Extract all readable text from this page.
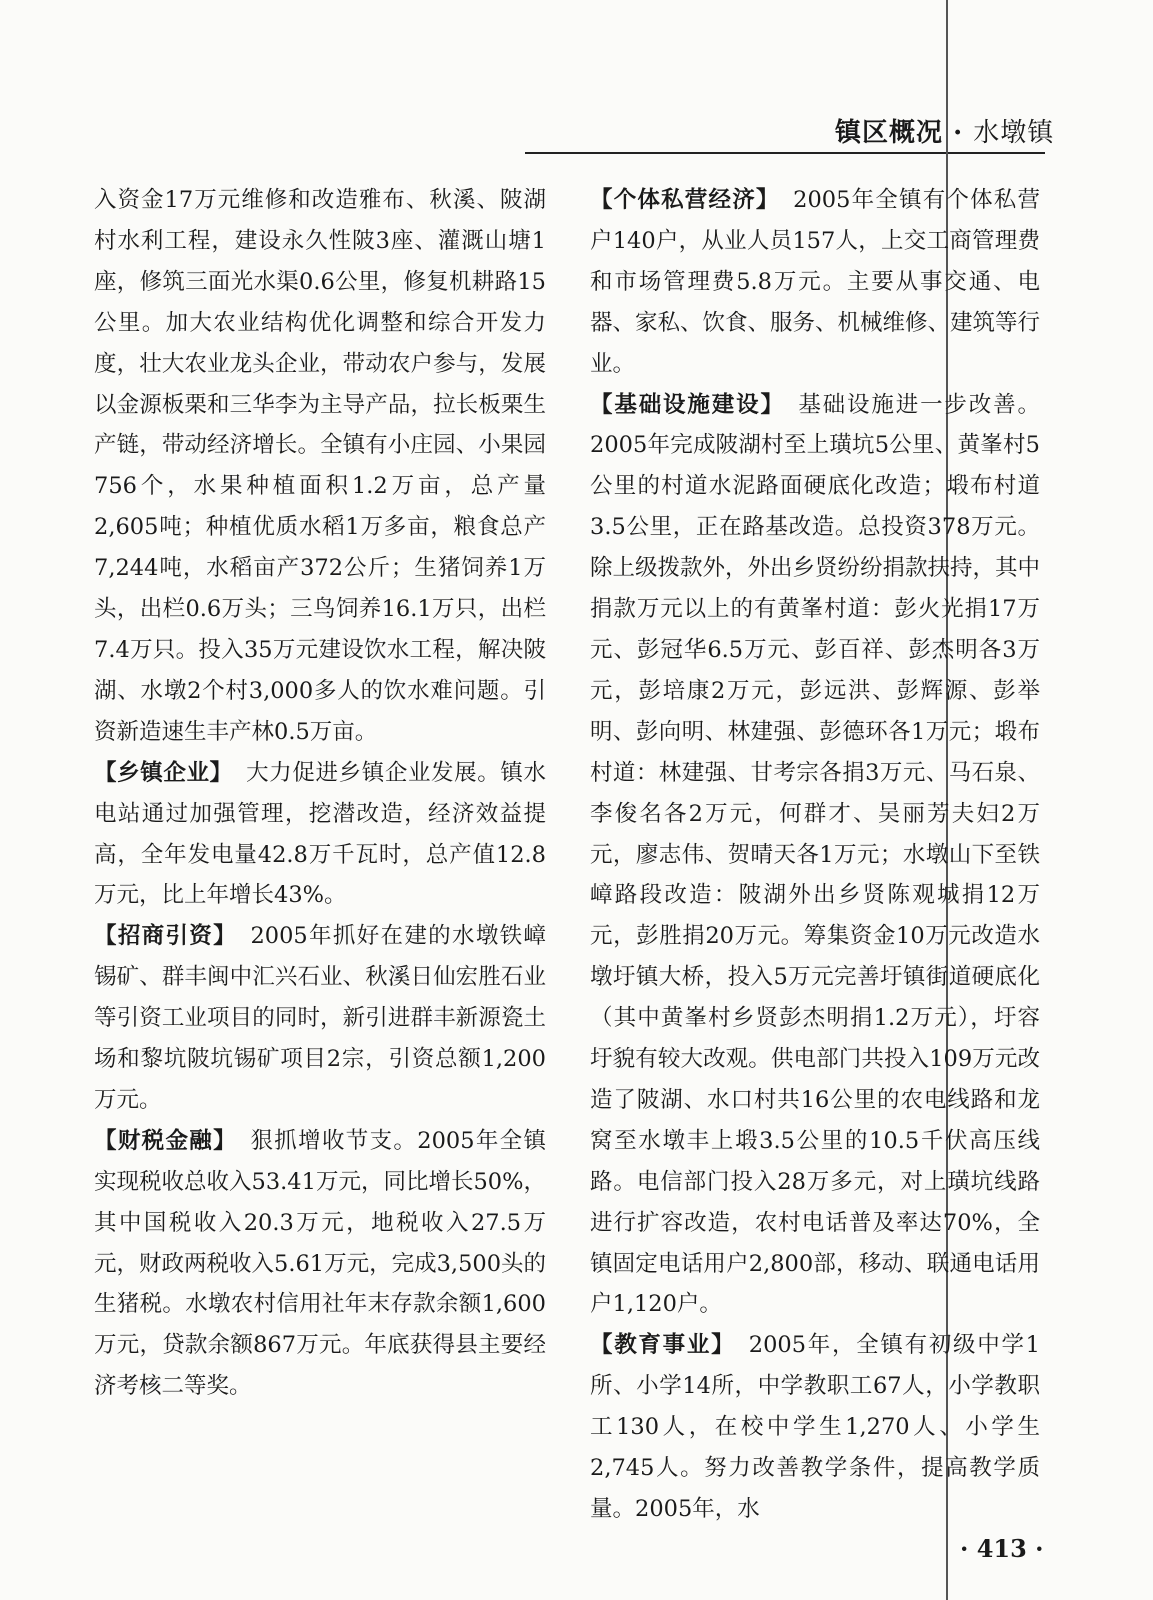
镇区概况 · 水墩镇

入资金17万元维修和改造雅布、秋溪、陂湖村水利工程，建设永久性陂3座、灌溉山塘1座，修筑三面光水渠0.6公里，修复机耕路15公里。加大农业结构优化调整和综合开发力度，壮大农业龙头企业，带动农户参与，发展以金源板栗和三华李为主导产品，拉长板栗生产链，带动经济增长。全镇有小庄园、小果园756个，水果种植面积1.2万亩，总产量2,605吨；种植优质水稻1万多亩，粮食总产7,244吨，水稻亩产372公斤；生猪饲养1万头，出栏0.6万头；三鸟饲养16.1万只，出栏7.4万只。投入35万元建设饮水工程，解决陂湖、水墩2个村3,000多人的饮水难问题。引资新造速生丰产林0.5万亩。

【乡镇企业】 大力促进乡镇企业发展。镇水电站通过加强管理，挖潜改造，经济效益提高，全年发电量42.8万千瓦时，总产值12.8万元，比上年增长43%。

【招商引资】 2005年抓好在建的水墩铁嶂锡矿、群丰闽中汇兴石业、秋溪日仙宏胜石业等引资工业项目的同时，新引进群丰新源瓷土场和黎坑陂坑锡矿项目2宗，引资总额1,200万元。

【财税金融】 狠抓增收节支。2005年全镇实现税收总收入53.41万元，同比增长50%，其中国税收入20.3万元，地税收入27.5万元，财政两税收入5.61万元，完成3,500头的生猪税。水墩农村信用社年末存款余额1,600万元，贷款余额867万元。年底获得县主要经济考核二等奖。

【个体私营经济】 2005年全镇有个体私营户140户，从业人员157人，上交工商管理费和市场管理费5.8万元。主要从事交通、电器、家私、饮食、服务、机械维修、建筑等行业。

【基础设施建设】 基础设施进一步改善。2005年完成陂湖村至上璜坑5公里、黄峯村5公里的村道水泥路面硬底化改造；塅布村道3.5公里，正在路基改造。总投资378万元。除上级拨款外，外出乡贤纷纷捐款扶持，其中捐款万元以上的有黄峯村道：彭火光捐17万元、彭冠华6.5万元、彭百祥、彭杰明各3万元，彭培康2万元，彭远洪、彭辉源、彭举明、彭向明、林建强、彭德环各1万元；塅布村道：林建强、甘考宗各捐3万元、马石泉、李俊名各2万元，何群才、吴丽芳夫妇2万元，廖志伟、贺晴天各1万元；水墩山下至铁嶂路段改造：陂湖外出乡贤陈观城捐12万元，彭胜捐20万元。筹集资金10万元改造水墩圩镇大桥，投入5万元完善圩镇街道硬底化（其中黄峯村乡贤彭杰明捐1.2万元），圩容圩貌有较大改观。供电部门共投入109万元改造了陂湖、水口村共16公里的农电线路和龙窝至水墩丰上塅3.5公里的10.5千伏高压线路。电信部门投入28万多元，对上璜坑线路进行扩容改造，农村电话普及率达70%，全镇固定电话用户2,800部，移动、联通电话用户1,120户。

【教育事业】 2005年，全镇有初级中学1所、小学14所，中学教职工67人，小学教职工130人，在校中学生1,270人、小学生2,745人。努力改善教学条件，提高教学质量。2005年，水

· 413 ·
